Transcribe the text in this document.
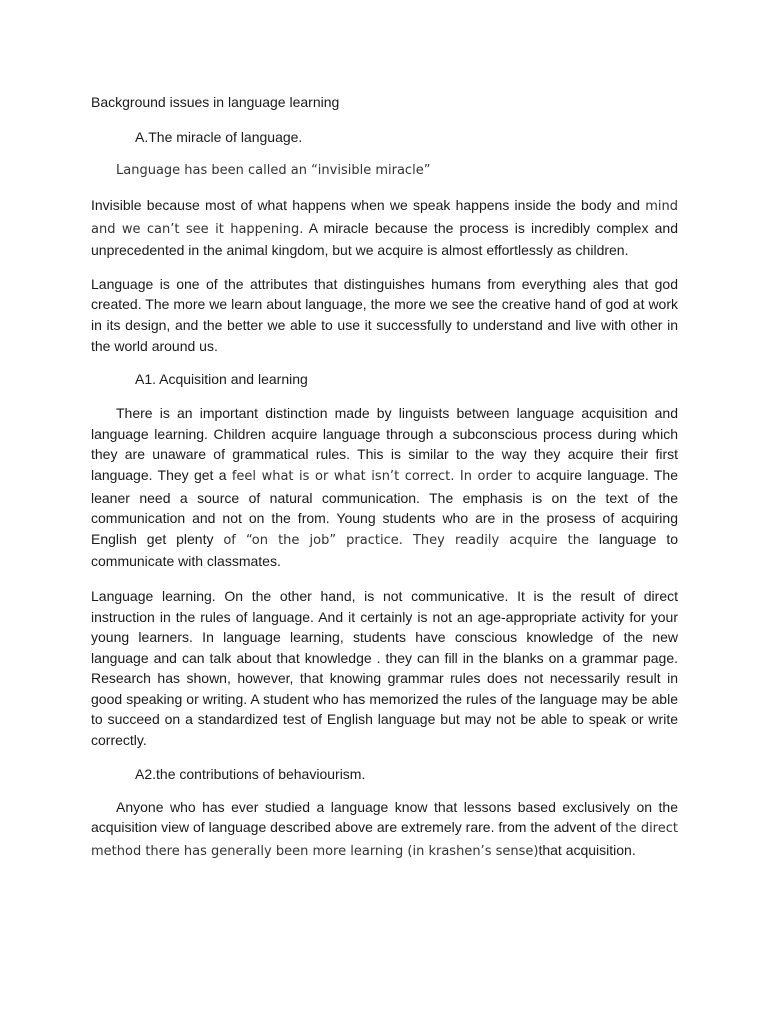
Background issues in language learning

A.The miracle of language.

Language has been called an “invisible miracle”

Invisible because most of what happens when we speak happens inside the body and mind and we can’t see it happening. A miracle because the process is incredibly complex and unprecedented in the animal kingdom, but we acquire is almost effortlessly as children.

Language is one of the attributes that distinguishes humans from everything ales that god created. The more we learn about language, the more we see the creative hand of god at work in its design, and the better we able to use it successfully to understand and live with other in the world around us.

A1. Acquisition and learning

There is an important distinction made by linguists between language acquisition and language learning. Children acquire language through a subconscious process during which they are unaware of grammatical rules. This is similar to the way they acquire their first language. They get a feel what is or what isn’t correct. In order to acquire language. The leaner need a source of natural communication. The emphasis is on the text of the communication and not on the from. Young students who are in the prosess of acquiring English get plenty of “on the job” practice. They readily acquire the language to communicate with classmates.

Language learning. On the other hand, is not communicative. It is the result of direct instruction in the rules of language. And it certainly is not an age-appropriate activity for your young learners. In language learning, students have conscious knowledge of the new language and can talk about that knowledge . they can fill in the blanks on a grammar page. Research has shown, however, that knowing grammar rules does not necessarily result in good speaking or writing. A student who has memorized the rules of the language may be able to succeed on a standardized test of English language but may not be able to speak or write correctly.

A2.the contributions of behaviourism.

Anyone who has ever studied a language know that lessons based exclusively on the acquisition view of language described above are extremely rare. from the advent of the direct method there has generally been more learning (in krashen’s sense)that acquisition.
